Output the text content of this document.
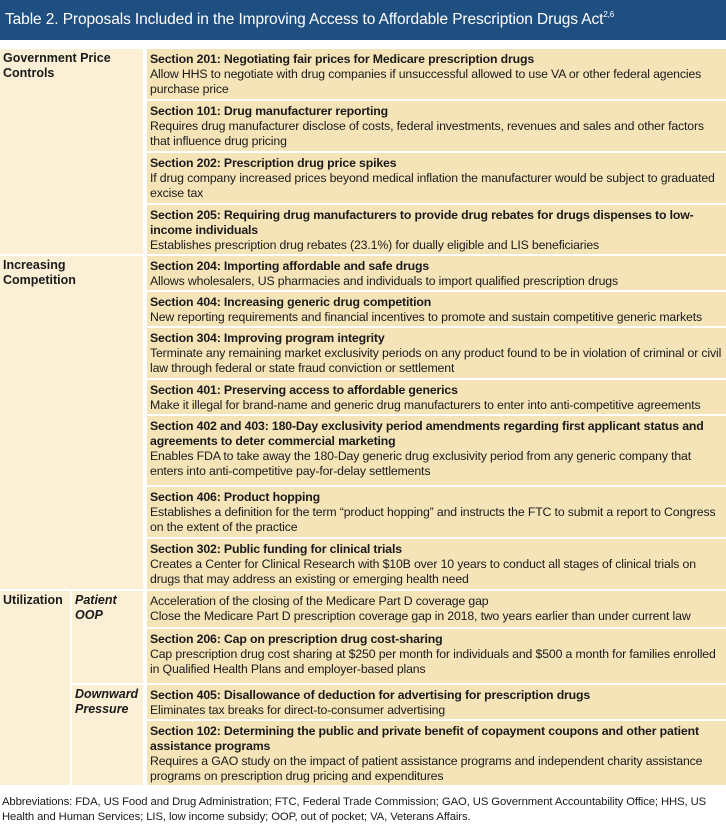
Table 2. Proposals Included in the Improving Access to Affordable Prescription Drugs Act$^{2,6}$
Government Price Controls
Increasing Competition
Utilization Patient OOP
Downward Pressure
Section 201: Negotiating fair prices for Medicare prescription drugs
Allow HHS to negotiate with drug companies if unsuccessful allowed to use VA or other federal agencies purchase price
Section 101: Drug manufacturer reporting
Requires drug manufacturer disclose of costs, federal investments, revenues and sales and other factors that influence drug pricing
Section 202: Prescription drug price spikes
If drug company increased prices beyond medical inflation the manufacturer would be subject to graduated excise tax
Section 205: Requiring drug manufacturers to provide drug rebates for drugs dispenses to low-income individuals
Establishes prescription drug rebates (23.1%) for dually eligible and LIS beneficiaries
Section 204: Importing affordable and safe drugs
Allows wholesalers, US pharmacies and individuals to import qualified prescription drugs
Section 404: Increasing generic drug competition
New reporting requirements and financial incentives to promote and sustain competitive generic markets
Section 304: Improving program integrity
Terminate any remaining market exclusivity periods on any product found to be in violation of criminal or civil law through federal or state fraud conviction or settlement
Section 401: Preserving access to affordable generics
Make it illegal for brand-name and generic drug manufacturers to enter into anti-competitive agreements
Section 402 and 403: 180-Day exclusivity period amendments regarding first applicant status and agreements to deter commercial marketing
Enables FDA to take away the 180-Day generic drug exclusivity period from any generic company that enters into anti-competitive pay-for-delay settlements
Section 406: Product hopping
Establishes a definition for the term “product hopping” and instructs the FTC to submit a report to Congress on the extent of the practice
Section 302: Public funding for clinical trials
Creates a Center for Clinical Research with $10B over 10 years to conduct all stages of clinical trials on drugs that may address an existing or emerging health need
Acceleration of the closing of the Medicare Part D coverage gap
Close the Medicare Part D prescription coverage gap in 2018, two years earlier than under current law
Section 206: Cap on prescription drug cost-sharing
Cap prescription drug cost sharing at $250 per month for individuals and $500 a month for families enrolled in Qualified Health Plans and employer-based plans
Section 405: Disallowance of deduction for advertising for prescription drugs
Eliminates tax breaks for direct-to-consumer advertising
Section 102: Determining the public and private benefit of copayment coupons and other patient assistance programs
Requires a GAO study on the impact of patient assistance programs and independent charity assistance programs on prescription drug pricing and expenditures
Abbreviations: FDA, US Food and Drug Administration; FTC, Federal Trade Commission; GAO, US Government Accountability Office; HHS, US Health and Human Services; LIS, low income subsidy; OOP, out of pocket; VA, Veterans Affairs.
